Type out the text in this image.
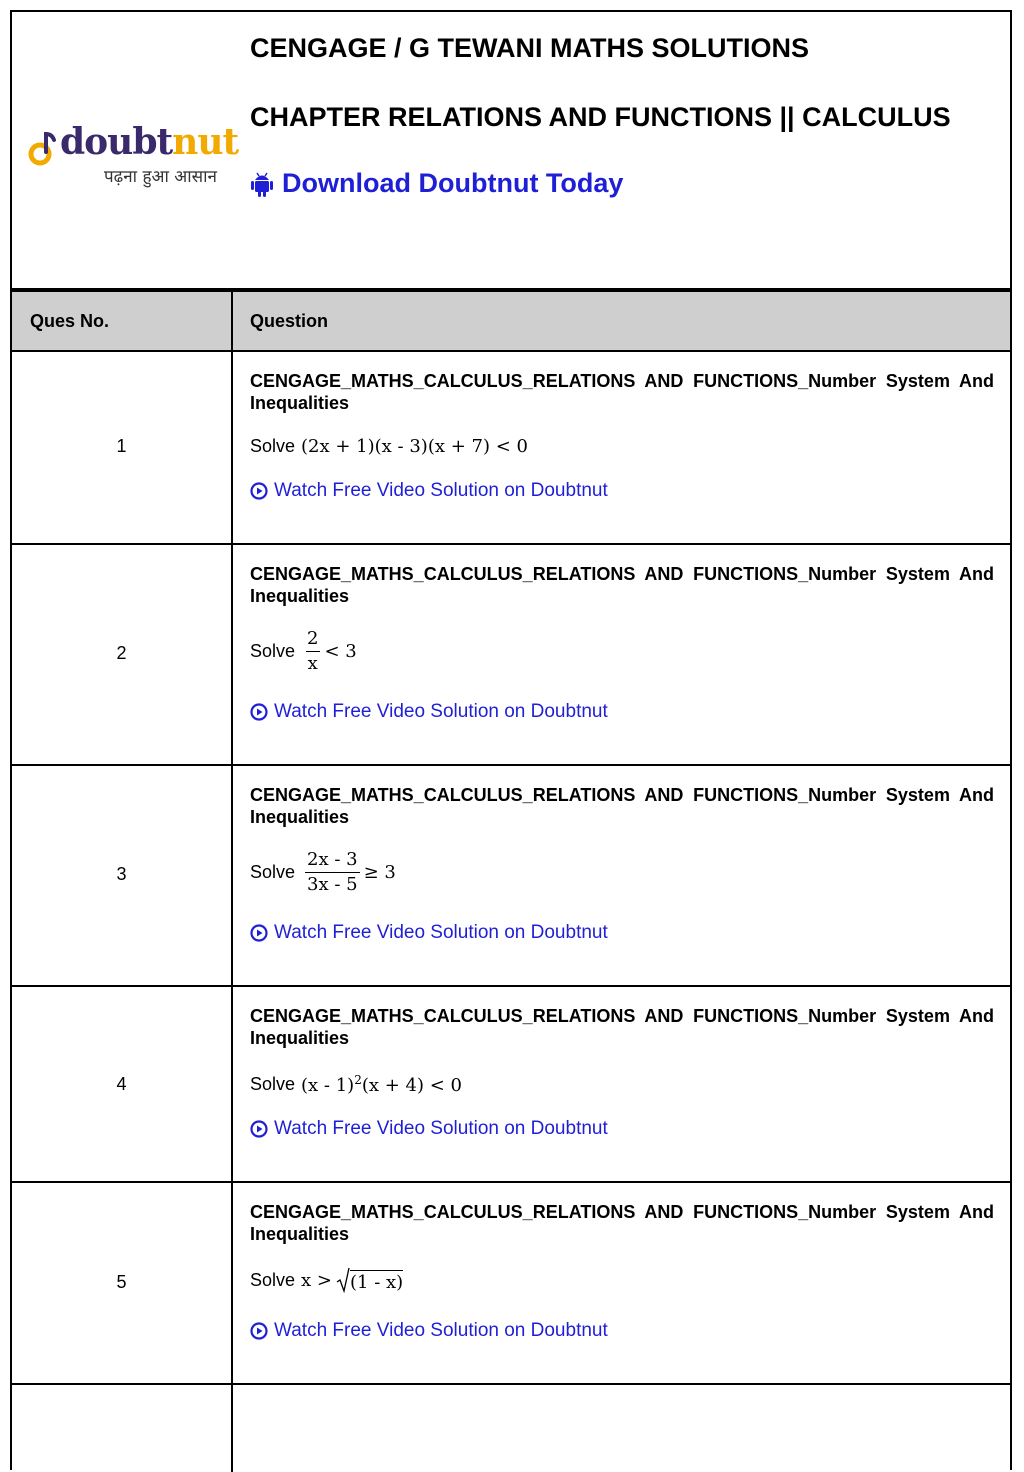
doubtnut
पढ़ना हुआ आसान
CENGAGE / G TEWANI MATHS SOLUTIONS
CHAPTER RELATIONS AND FUNCTIONS || CALCULUS
Download Doubtnut Today
Ques No.	Question
1

CENGAGE_MATHS_CALCULUS_RELATIONS AND FUNCTIONS_Number System And Inequalities

Solve (2x + 1)(x - 3)(x + 7) < 0
Watch Free Video Solution on Doubtnut
2

CENGAGE_MATHS_CALCULUS_RELATIONS AND FUNCTIONS_Number System And Inequalities

Solve $\frac{2}{x} < 3$
Watch Free Video Solution on Doubtnut
3

CENGAGE_MATHS_CALCULUS_RELATIONS AND FUNCTIONS_Number System And Inequalities

Solve $\frac{2x - 3}{3x - 5} \ge 3$
Watch Free Video Solution on Doubtnut
4

CENGAGE_MATHS_CALCULUS_RELATIONS AND FUNCTIONS_Number System And Inequalities

Solve (x - 1)$^2$(x + 4) < 0
Watch Free Video Solution on Doubtnut
5

CENGAGE_MATHS_CALCULUS_RELATIONS AND FUNCTIONS_Number System And Inequalities

Solve x > (1 - x)
Watch Free Video Solution on Doubtnut
